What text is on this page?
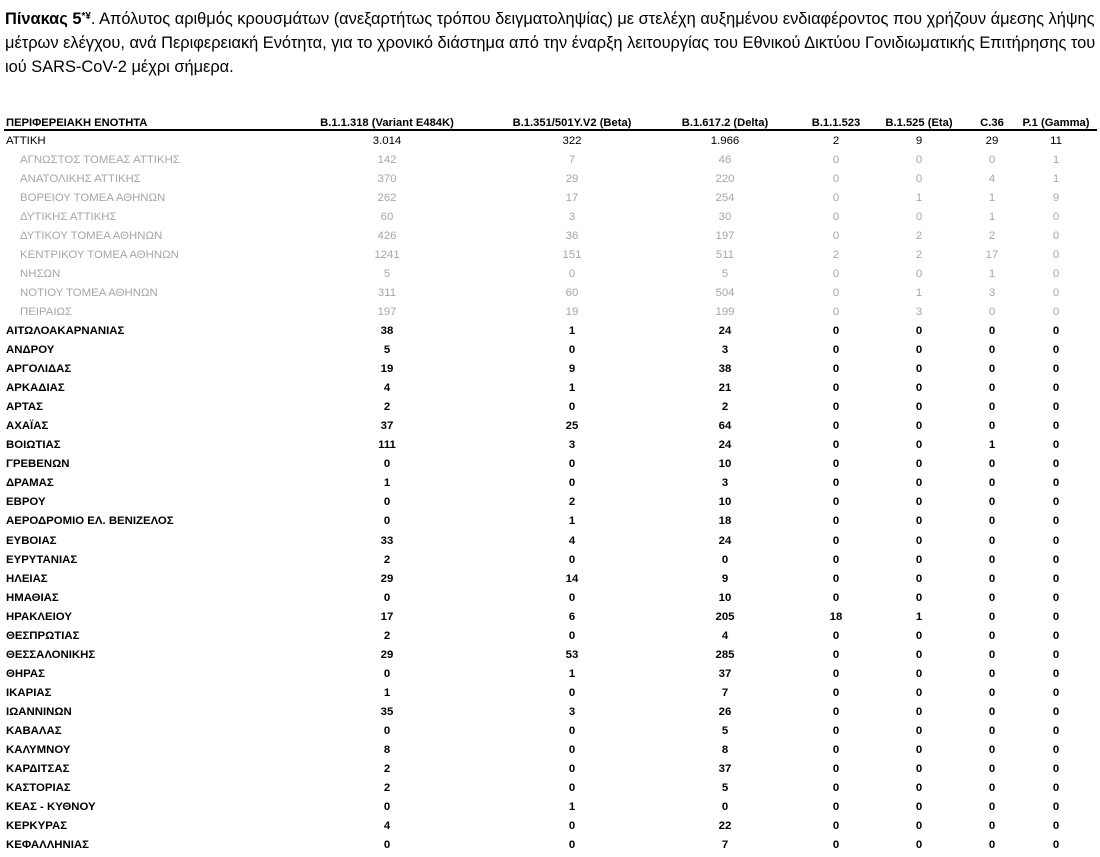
Πίνακας 5*¥. Απόλυτος αριθμός κρουσμάτων (ανεξαρτήτως τρόπου δειγματοληψίας) με στελέχη αυξημένου ενδιαφέροντος που χρήζουν άμεσης λήψης μέτρων ελέγχου, ανά Περιφερειακή Ενότητα, για το χρονικό διάστημα από την έναρξη λειτουργίας του Εθνικού Δικτύου Γονιδιωματικής Επιτήρησης του ιού SARS-CoV-2 μέχρι σήμερα.

ΠΕΡΙΦΕΡΕΙΑΚΗ ΕΝΟΤΗΤΑ	B.1.1.318 (Variant E484K)	B.1.351/501Y.V2 (Beta)	B.1.617.2 (Delta)	B.1.1.523	B.1.525 (Eta)	C.36	P.1 (Gamma)
ΑΤΤΙΚΗ	3.014	322	1.966	2	9	29	11
ΑΓΝΩΣΤΟΣ ΤΟΜΕΑΣ ΑΤΤΙΚΗΣ	142	7	46	0	0	0	1
ΑΝΑΤΟΛΙΚΗΣ ΑΤΤΙΚΗΣ	370	29	220	0	0	4	1
ΒΟΡΕΙΟΥ ΤΟΜΕΑ ΑΘΗΝΩΝ	262	17	254	0	1	1	9
ΔΥΤΙΚΗΣ ΑΤΤΙΚΗΣ	60	3	30	0	0	1	0
ΔΥΤΙΚΟΥ ΤΟΜΕΑ ΑΘΗΝΩΝ	426	36	197	0	2	2	0
ΚΕΝΤΡΙΚΟΥ ΤΟΜΕΑ ΑΘΗΝΩΝ	1241	151	511	2	2	17	0
ΝΗΣΩΝ	5	0	5	0	0	1	0
ΝΟΤΙΟΥ ΤΟΜΕΑ ΑΘΗΝΩΝ	311	60	504	0	1	3	0
ΠΕΙΡΑΙΩΣ	197	19	199	0	3	0	0
ΑΙΤΩΛΟΑΚΑΡΝΑΝΙΑΣ	38	1	24	0	0	0	0
ΑΝΔΡΟΥ	5	0	3	0	0	0	0
ΑΡΓΟΛΙΔΑΣ	19	9	38	0	0	0	0
ΑΡΚΑΔΙΑΣ	4	1	21	0	0	0	0
ΑΡΤΑΣ	2	0	2	0	0	0	0
ΑΧΑΪΑΣ	37	25	64	0	0	0	0
ΒΟΙΩΤΙΑΣ	111	3	24	0	0	1	0
ΓΡΕΒΕΝΩΝ	0	0	10	0	0	0	0
ΔΡΑΜΑΣ	1	0	3	0	0	0	0
ΕΒΡΟΥ	0	2	10	0	0	0	0
ΑΕΡΟΔΡΟΜΙΟ ΕΛ. ΒΕΝΙΖΕΛΟΣ	0	1	18	0	0	0	0
ΕΥΒΟΙΑΣ	33	4	24	0	0	0	0
ΕΥΡΥΤΑΝΙΑΣ	2	0	0	0	0	0	0
ΗΛΕΙΑΣ	29	14	9	0	0	0	0
ΗΜΑΘΙΑΣ	0	0	10	0	0	0	0
ΗΡΑΚΛΕΙΟΥ	17	6	205	18	1	0	0
ΘΕΣΠΡΩΤΙΑΣ	2	0	4	0	0	0	0
ΘΕΣΣΑΛΟΝΙΚΗΣ	29	53	285	0	0	0	0
ΘΗΡΑΣ	0	1	37	0	0	0	0
ΙΚΑΡΙΑΣ	1	0	7	0	0	0	0
ΙΩΑΝΝΙΝΩΝ	35	3	26	0	0	0	0
ΚΑΒΑΛΑΣ	0	0	5	0	0	0	0
ΚΑΛΥΜΝΟΥ	8	0	8	0	0	0	0
ΚΑΡΔΙΤΣΑΣ	2	0	37	0	0	0	0
ΚΑΣΤΟΡΙΑΣ	2	0	5	0	0	0	0
ΚΕΑΣ - ΚΥΘΝΟΥ	0	1	0	0	0	0	0
ΚΕΡΚΥΡΑΣ	4	0	22	0	0	0	0
ΚΕΦΑΛΛΗΝΙΑΣ	0	0	7	0	0	0	0
